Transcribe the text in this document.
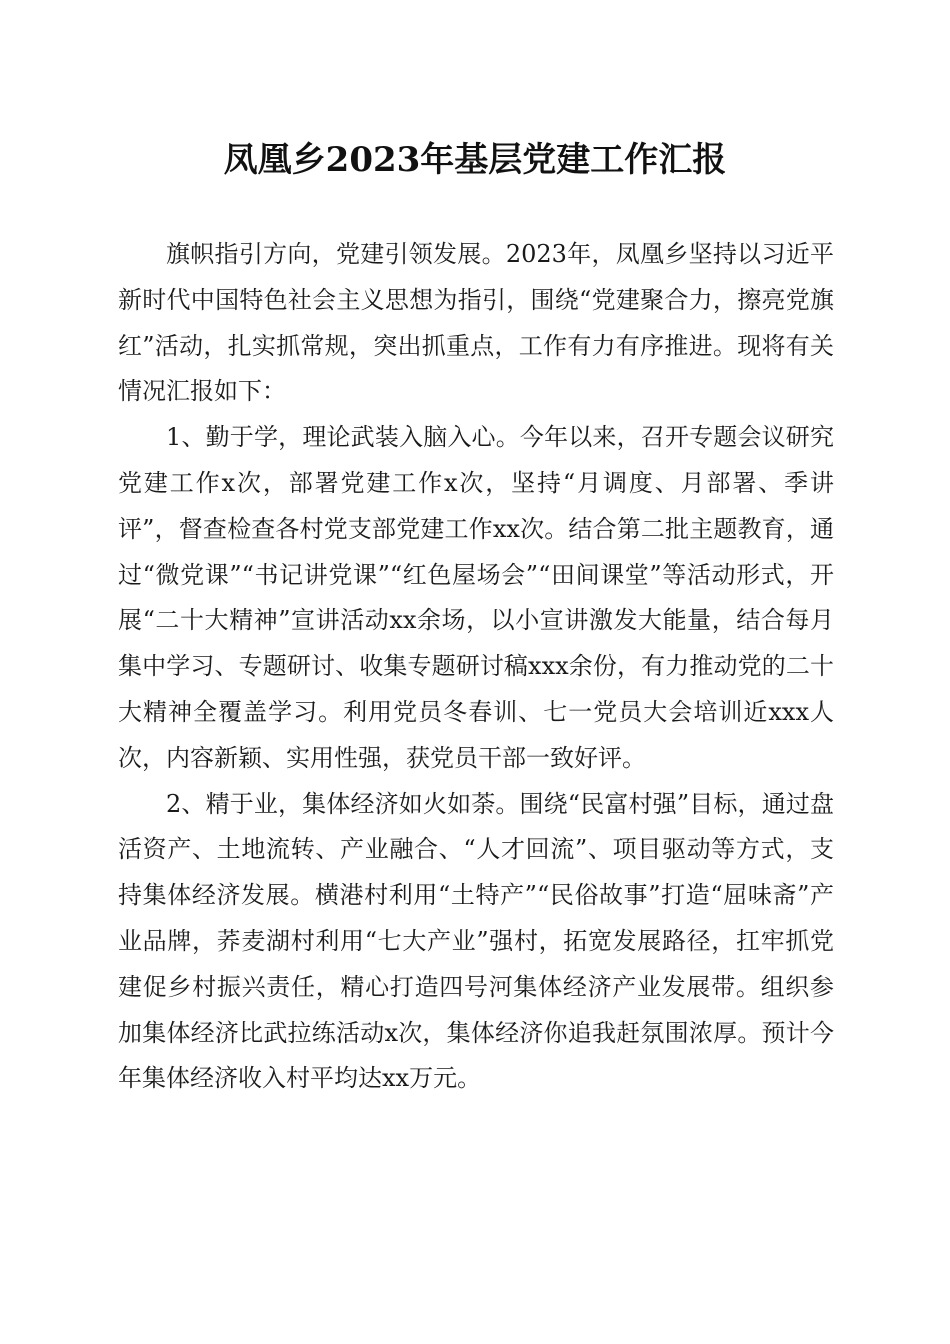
凤凰乡2023年基层党建工作汇报

旗帜指引方向，党建引领发展。2023年，凤凰乡坚持以习近平新时代中国特色社会主义思想为指引，围绕“党建聚合力，擦亮党旗红”活动，扎实抓常规，突出抓重点，工作有力有序推进。现将有关情况汇报如下：

1、勤于学，理论武装入脑入心。今年以来，召开专题会议研究党建工作x次，部署党建工作x次，坚持“月调度、月部署、季讲评”，督查检查各村党支部党建工作xx次。结合第二批主题教育，通过“微党课”“书记讲党课”“红色屋场会”“田间课堂”等活动形式，开展“二十大精神”宣讲活动xx余场，以小宣讲激发大能量，结合每月集中学习、专题研讨、收集专题研讨稿xxx余份，有力推动党的二十大精神全覆盖学习。利用党员冬春训、七一党员大会培训近xxx人次，内容新颖、实用性强，获党员干部一致好评。

2、精于业，集体经济如火如荼。围绕“民富村强”目标，通过盘活资产、土地流转、产业融合、“人才回流”、项目驱动等方式，支持集体经济发展。横港村利用“土特产”“民俗故事”打造“屈味斋”产业品牌，荞麦湖村利用“七大产业”强村，拓宽发展路径，扛牢抓党建促乡村振兴责任，精心打造四号河集体经济产业发展带。组织参加集体经济比武拉练活动x次，集体经济你追我赶氛围浓厚。预计今年集体经济收入村平均达xx万元。
